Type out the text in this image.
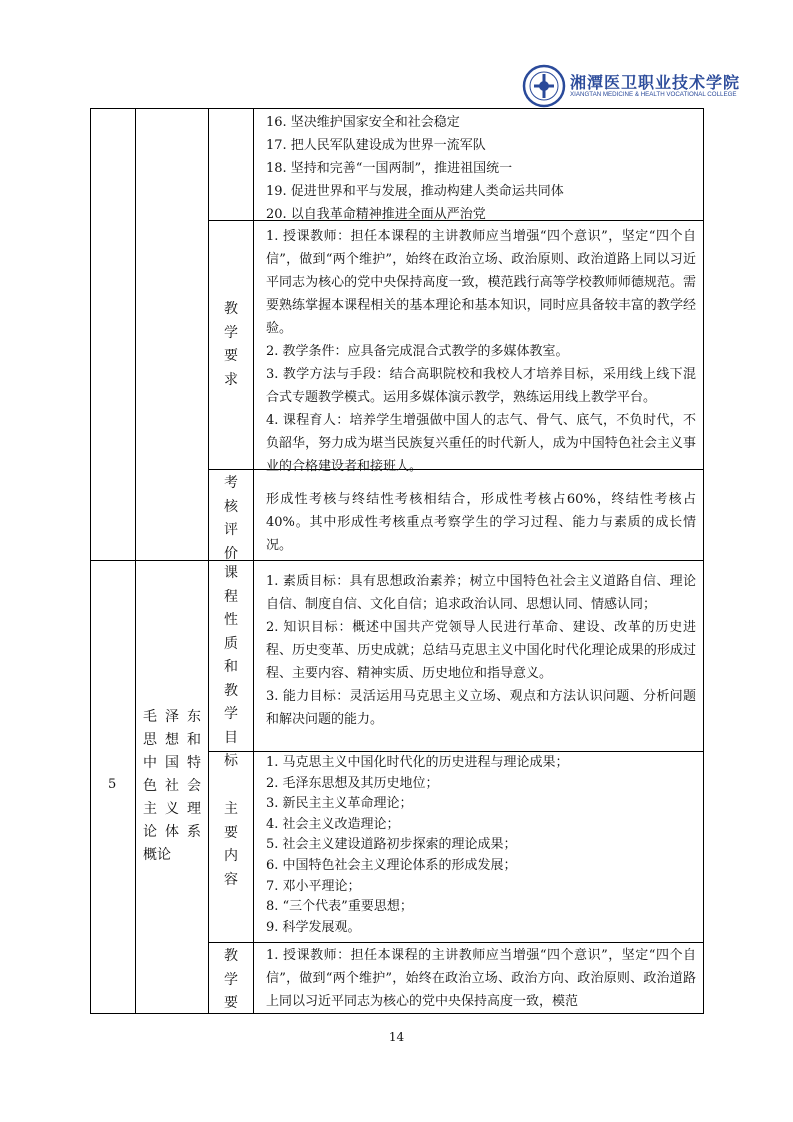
湘潭医卫职业技术学院
XIANGTAN MEDICINE & HEALTH VOCATIONAL COLLEGE

16. 坚决维护国家安全和社会稳定

17. 把人民军队建设成为世界一流军队

18. 坚持和完善“一国两制”，推进祖国统一

19. 促进世界和平与发展，推动构建人类命运共同体

20. 以自我革命精神推进全面从严治党

教
学
要
求

1. 授课教师：担任本课程的主讲教师应当增强“四个意识”，坚定“四个自信”，做到“两个维护”，始终在政治立场、政治原则、政治道路上同以习近平同志为核心的党中央保持高度一致，模范践行高等学校教师师德规范。需要熟练掌握本课程相关的基本理论和基本知识，同时应具备较丰富的教学经验。

2. 教学条件：应具备完成混合式教学的多媒体教室。

3. 教学方法与手段：结合高职院校和我校人才培养目标，采用线上线下混合式专题教学模式。运用多媒体演示教学，熟练运用线上教学平台。

4. 课程育人：培养学生增强做中国人的志气、骨气、底气，不负时代，不负韶华，努力成为堪当民族复兴重任的时代新人，成为中国特色社会主义事业的合格建设者和接班人。

考
核
评
价

形成性考核与终结性考核相结合，形成性考核占60%，终结性考核占40%。其中形成性考核重点考察学生的学习过程、能力与素质的成长情况。

5
毛泽东
思想和
中国特
色社会
主义理
论体系
概论
课
程
性
质
和
教
学
目
标

1. 素质目标：具有思想政治素养；树立中国特色社会主义道路自信、理论自信、制度自信、文化自信；追求政治认同、思想认同、情感认同；

2. 知识目标：概述中国共产党领导人民进行革命、建设、改革的历史进程、历史变革、历史成就；总结马克思主义中国化时代化理论成果的形成过程、主要内容、精神实质、历史地位和指导意义。

3. 能力目标：灵活运用马克思主义立场、观点和方法认识问题、分析问题和解决问题的能力。

主
要
内
容

1. 马克思主义中国化时代化的历史进程与理论成果；

2. 毛泽东思想及其历史地位；

3. 新民主主义革命理论；

4. 社会主义改造理论；

5. 社会主义建设道路初步探索的理论成果；

6. 中国特色社会主义理论体系的形成发展；

7. 邓小平理论；

8. “三个代表”重要思想；

9. 科学发展观。

教
学
要

1. 授课教师：担任本课程的主讲教师应当增强“四个意识”，坚定“四个自信”，做到“两个维护”，始终在政治立场、政治方向、政治原则、政治道路上同以习近平同志为核心的党中央保持高度一致，模范

14
